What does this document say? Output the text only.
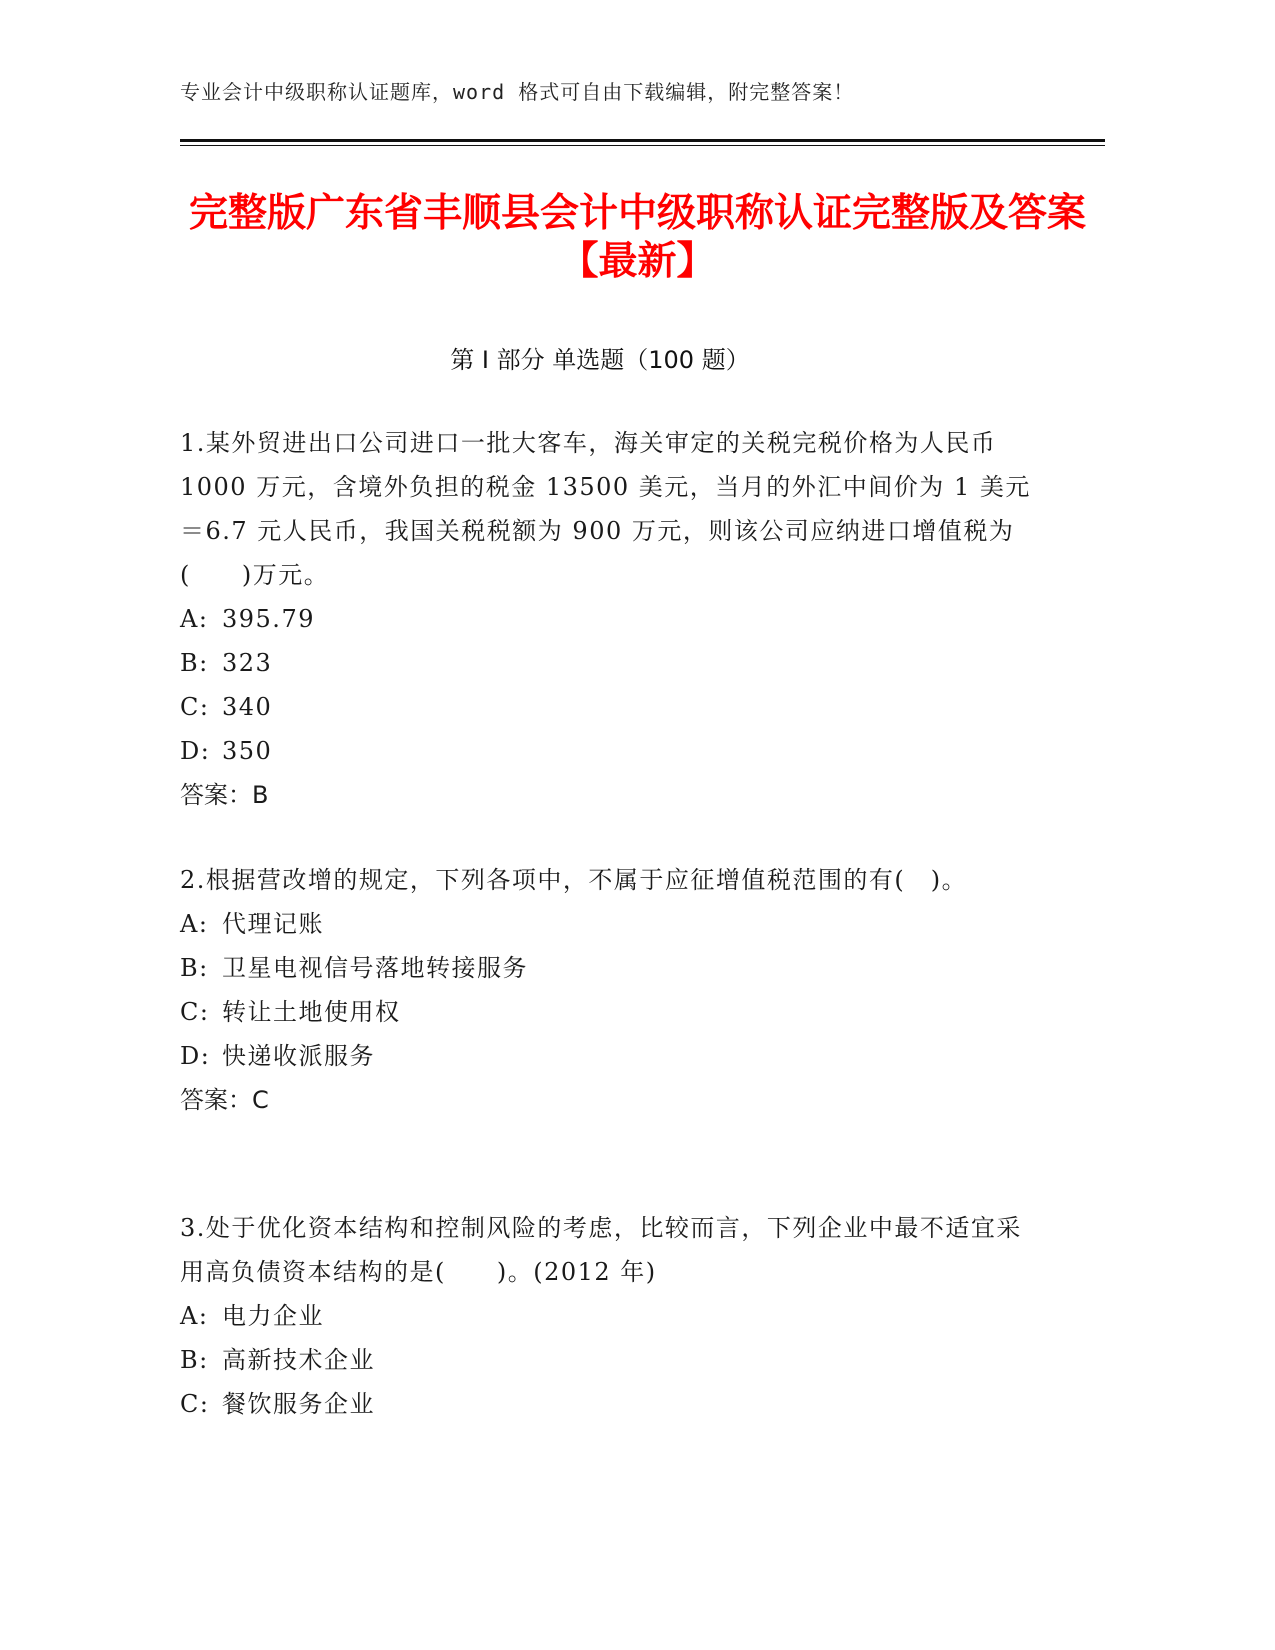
专业会计中级职称认证题库，word 格式可自由下载编辑，附完整答案！
完整版广东省丰顺县会计中级职称认证完整版及答案【最新】
第 I 部分 单选题（100 题）

1.某外贸进出口公司进口一批大客车，海关审定的关税完税价格为人民币 1000 万元，含境外负担的税金 13500 美元，当月的外汇中间价为 1 美元＝6.7 元人民币，我国关税税额为 900 万元，则该公司应纳进口增值税为(　　)万元。

A: 395.79
B: 323
C: 340
D: 350
答案：B

2.根据营改增的规定，下列各项中，不属于应征增值税范围的有(　)。

A: 代理记账
B: 卫星电视信号落地转接服务
C: 转让土地使用权
D: 快递收派服务
答案：C

3.处于优化资本结构和控制风险的考虑，比较而言，下列企业中最不适宜采用高负债资本结构的是(　　)。(2012 年)

A: 电力企业
B: 高新技术企业
C: 餐饮服务企业
